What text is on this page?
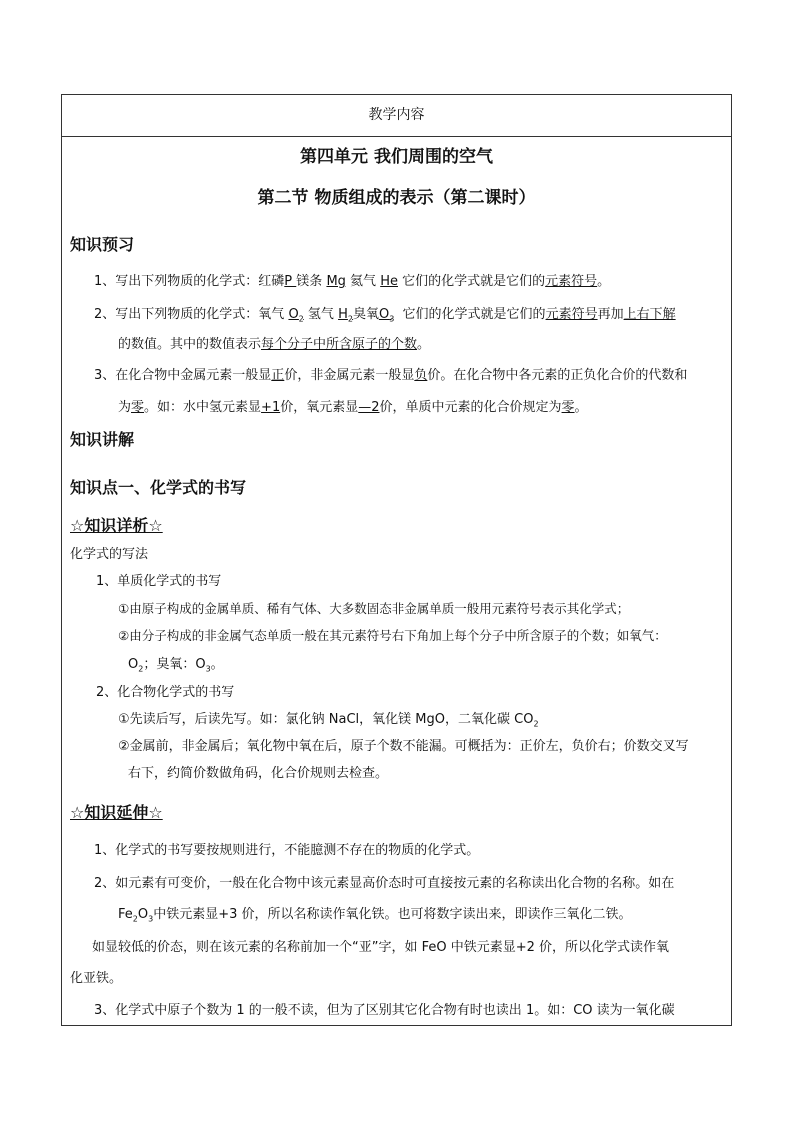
教学内容
第四单元 我们周围的空气
第二节 物质组成的表示（第二课时）
知识预习
1、写出下列物质的化学式：红磷P 镁条 Mg 氦气 He 它们的化学式就是它们的元素符号。
2、写出下列物质的化学式：氧气 $O_2$ 氢气 $H_2$臭氧$O_3$ 它们的化学式就是它们的元素符号再加上右下解
的数值。其中的数值表示每个分子中所含原子的个数。
3、在化合物中金属元素一般显正价，非金属元素一般显负价。在化合物中各元素的正负化合价的代数和
为零。如：水中氢元素显+1价，氧元素显—2价，单质中元素的化合价规定为零。
知识讲解
知识点一、化学式的书写
☆知识详析☆
化学式的写法
1、单质化学式的书写
①由原子构成的金属单质、稀有气体、大多数固态非金属单质一般用元素符号表示其化学式；
②由分子构成的非金属气态单质一般在其元素符号右下角加上每个分子中所含原子的个数；如氧气：
$O_2$；臭氧：$O_3$。
2、化合物化学式的书写
①先读后写，后读先写。如：氯化钠 NaCl，氧化镁 MgO，二氧化碳 $CO_2$
②金属前，非金属后；氧化物中氧在后，原子个数不能漏。可概括为：正价左，负价右；价数交叉写
右下，约简价数做角码，化合价规则去检查。
☆知识延伸☆
1、化学式的书写要按规则进行，不能臆测不存在的物质的化学式。
2、如元素有可变价，一般在化合物中该元素显高价态时可直接按元素的名称读出化合物的名称。如在
$Fe_2O_3$中铁元素显+3 价，所以名称读作氧化铁。也可将数字读出来，即读作三氧化二铁。
如显较低的价态，则在该元素的名称前加一个“亚”字，如 FeO 中铁元素显+2 价，所以化学式读作氧
化亚铁。
3、化学式中原子个数为 1 的一般不读，但为了区别其它化合物有时也读出 1。如：CO 读为一氧化碳
